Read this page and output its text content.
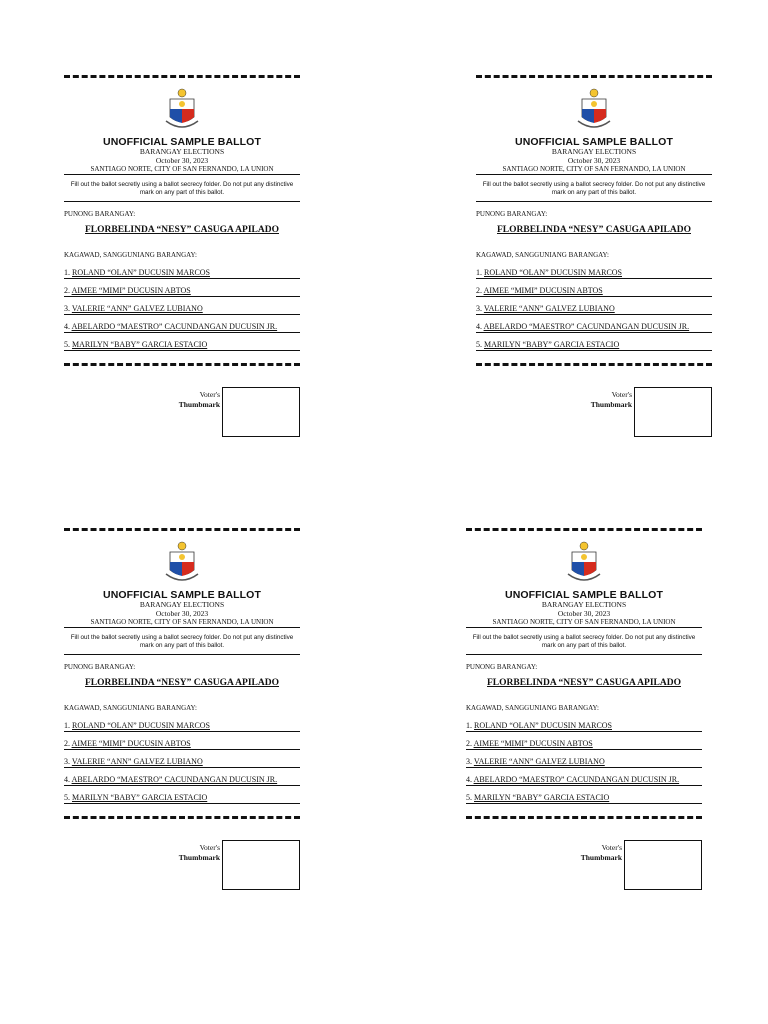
UNOFFICIAL SAMPLE BALLOT
BARANGAY ELECTIONS
October 30, 2023
SANTIAGO NORTE, CITY OF SAN FERNANDO, LA UNION
Fill out the ballot secretly using a ballot secrecy folder. Do not put any distinctive mark on any part of this ballot.
PUNONG BARANGAY:
FLORBELINDA “NESY” CASUGA APILADO
KAGAWAD, SANGGUNIANG BARANGAY:
1. ROLAND “OLAN” DUCUSIN MARCOS
2. AIMEE “MIMI” DUCUSIN ABTOS
3. VALERIE “ANN” GALVEZ LUBIANO
4. ABELARDO “MAESTRO” CACUNDANGAN DUCUSIN JR.
5. MARILYN “BABY” GARCIA ESTACIO
Voter's
Thumbmark
UNOFFICIAL SAMPLE BALLOT
BARANGAY ELECTIONS
October 30, 2023
SANTIAGO NORTE, CITY OF SAN FERNANDO, LA UNION
Fill out the ballot secretly using a ballot secrecy folder. Do not put any distinctive mark on any part of this ballot.
PUNONG BARANGAY:
FLORBELINDA “NESY” CASUGA APILADO
KAGAWAD, SANGGUNIANG BARANGAY:
1. ROLAND “OLAN” DUCUSIN MARCOS
2. AIMEE “MIMI” DUCUSIN ABTOS
3. VALERIE “ANN” GALVEZ LUBIANO
4. ABELARDO “MAESTRO” CACUNDANGAN DUCUSIN JR.
5. MARILYN “BABY” GARCIA ESTACIO
Voter's
Thumbmark
UNOFFICIAL SAMPLE BALLOT
BARANGAY ELECTIONS
October 30, 2023
SANTIAGO NORTE, CITY OF SAN FERNANDO, LA UNION
Fill out the ballot secretly using a ballot secrecy folder. Do not put any distinctive mark on any part of this ballot.
PUNONG BARANGAY:
FLORBELINDA “NESY” CASUGA APILADO
KAGAWAD, SANGGUNIANG BARANGAY:
1. ROLAND “OLAN” DUCUSIN MARCOS
2. AIMEE “MIMI” DUCUSIN ABTOS
3. VALERIE “ANN” GALVEZ LUBIANO
4. ABELARDO “MAESTRO” CACUNDANGAN DUCUSIN JR.
5. MARILYN “BABY” GARCIA ESTACIO
Voter's
Thumbmark
UNOFFICIAL SAMPLE BALLOT
BARANGAY ELECTIONS
October 30, 2023
SANTIAGO NORTE, CITY OF SAN FERNANDO, LA UNION
Fill out the ballot secretly using a ballot secrecy folder. Do not put any distinctive mark on any part of this ballot.
PUNONG BARANGAY:
FLORBELINDA “NESY” CASUGA APILADO
KAGAWAD, SANGGUNIANG BARANGAY:
1. ROLAND “OLAN” DUCUSIN MARCOS
2. AIMEE “MIMI” DUCUSIN ABTOS
3. VALERIE “ANN” GALVEZ LUBIANO
4. ABELARDO “MAESTRO” CACUNDANGAN DUCUSIN JR.
5. MARILYN “BABY” GARCIA ESTACIO
Voter's
Thumbmark
